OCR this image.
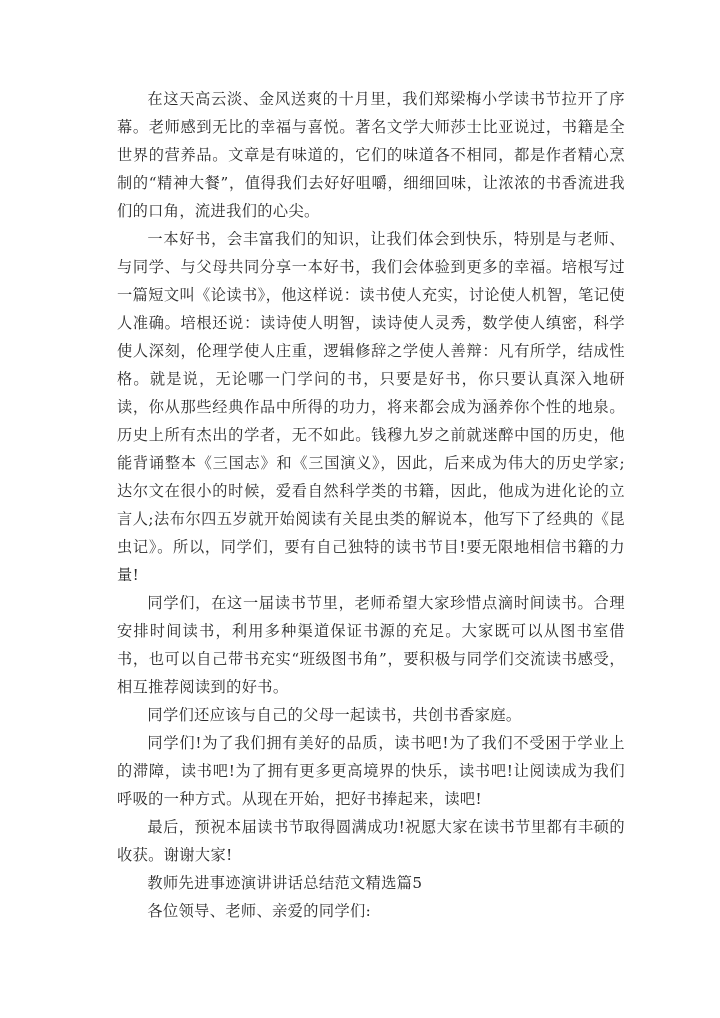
在这天高云淡、金风送爽的十月里，我们郑梁梅小学读书节拉开了序幕。老师感到无比的幸福与喜悦。著名文学大师莎士比亚说过，书籍是全世界的营养品。文章是有味道的，它们的味道各不相同，都是作者精心烹制的“精神大餐”，值得我们去好好咀嚼，细细回味，让浓浓的书香流进我们的口角，流进我们的心尖。

一本好书，会丰富我们的知识，让我们体会到快乐，特别是与老师、与同学、与父母共同分享一本好书，我们会体验到更多的幸福。培根写过一篇短文叫《论读书》，他这样说：读书使人充实，讨论使人机智，笔记使人准确。培根还说：读诗使人明智，读诗使人灵秀，数学使人缜密，科学使人深刻，伦理学使人庄重，逻辑修辞之学使人善辩：凡有所学，结成性格。就是说，无论哪一门学问的书，只要是好书，你只要认真深入地研读，你从那些经典作品中所得的功力，将来都会成为涵养你个性的地泉。历史上所有杰出的学者，无不如此。钱穆九岁之前就迷醉中国的历史，他能背诵整本《三国志》和《三国演义》，因此，后来成为伟大的历史学家;达尔文在很小的时候，爱看自然科学类的书籍，因此，他成为进化论的立言人;法布尔四五岁就开始阅读有关昆虫类的解说本，他写下了经典的《昆虫记》。所以，同学们，要有自己独特的读书节目!要无限地相信书籍的力量!

同学们，在这一届读书节里，老师希望大家珍惜点滴时间读书。合理安排时间读书，利用多种渠道保证书源的充足。大家既可以从图书室借书，也可以自己带书充实“班级图书角”，要积极与同学们交流读书感受，相互推荐阅读到的好书。

同学们还应该与自己的父母一起读书，共创书香家庭。

同学们!为了我们拥有美好的品质，读书吧!为了我们不受困于学业上的滞障，读书吧!为了拥有更多更高境界的快乐，读书吧!让阅读成为我们呼吸的一种方式。从现在开始，把好书捧起来，读吧!

最后，预祝本届读书节取得圆满成功!祝愿大家在读书节里都有丰硕的收获。谢谢大家!

教师先进事迹演讲讲话总结范文精选篇5

各位领导、老师、亲爱的同学们:
